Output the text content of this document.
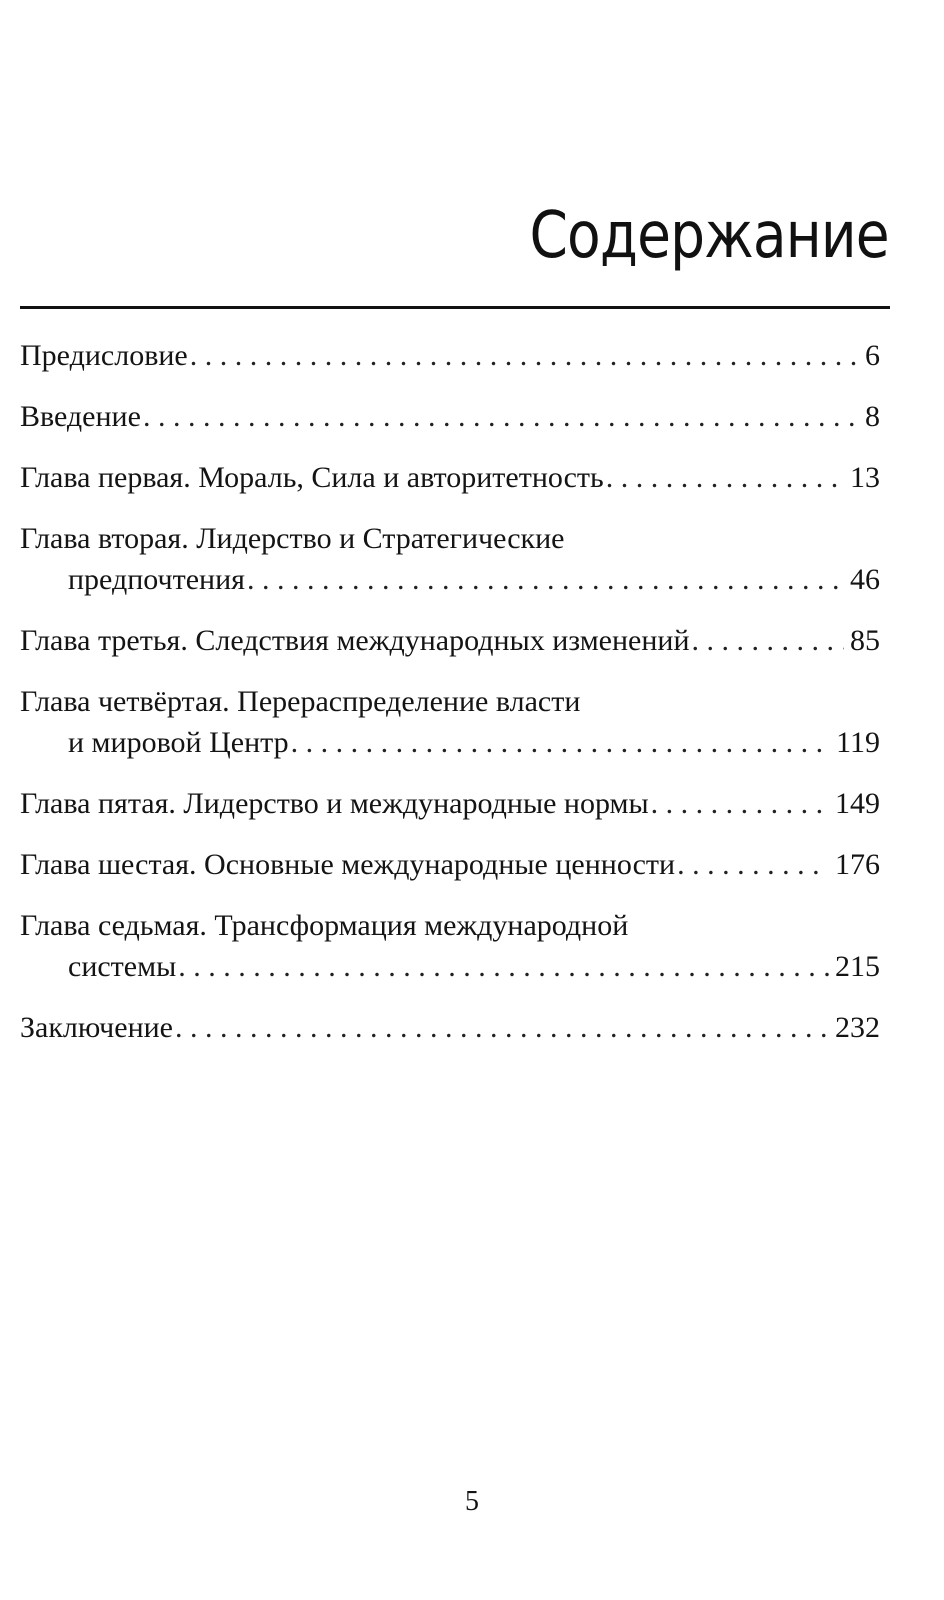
Содержание
Предисловие . . .	6
Введение . . .	8
Глава первая. Мораль, Сила и авторитетность . . .	13
Глава вторая. Лидерство и Стратегические
предпочтения . . .	46
Глава третья. Следствия международных изменений . . .	85
Глава четвёртая. Перераспределение власти
и мировой Центр . . .	119
Глава пятая. Лидерство и международные нормы . . .	149
Глава шестая. Основные международные ценности . . .	176
Глава седьмая. Трансформация международной
системы . . .	215
Заключение . . .	232
5
